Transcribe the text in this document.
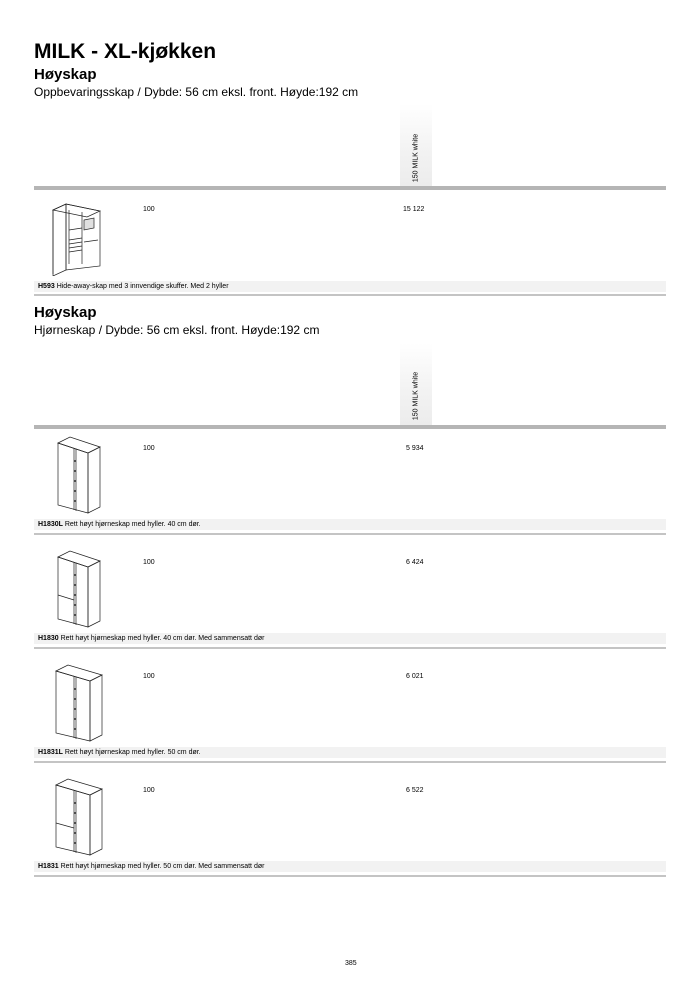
MILK - XL-kjøkken
Høyskap
Oppbevaringsskap / Dybde: 56 cm eksl. front. Høyde:192 cm
150 MILK white
100	15 122
H593 Hide-away-skap med 3 innvendige skuffer. Med 2 hyller
Høyskap
Hjørneskap / Dybde: 56 cm eksl. front. Høyde:192 cm
150 MILK white
100	5 934
H1830L Rett høyt hjørneskap med hyller. 40 cm dør.
100	6 424
H1830 Rett høyt hjørneskap med hyller. 40 cm dør. Med sammensatt dør
100	6 021
H1831L Rett høyt hjørneskap med hyller. 50 cm dør.
100	6 522
H1831 Rett høyt hjørneskap med hyller. 50 cm dør. Med sammensatt dør
385
